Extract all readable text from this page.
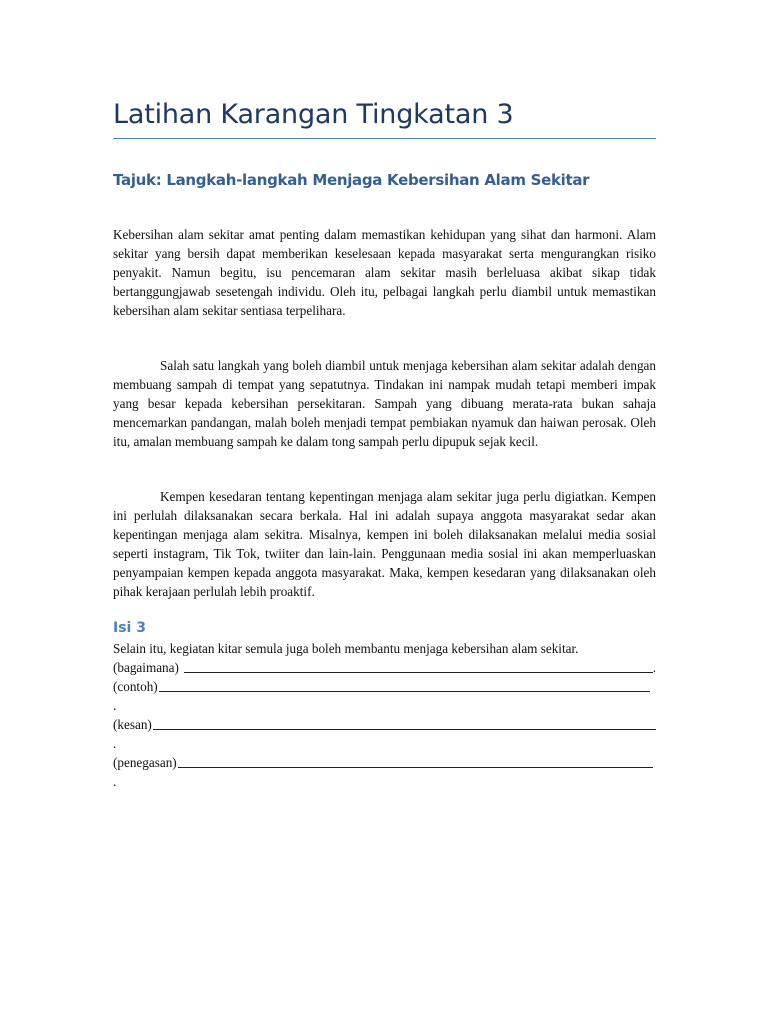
Latihan Karangan Tingkatan 3
Tajuk: Langkah-langkah Menjaga Kebersihan Alam Sekitar

Kebersihan alam sekitar amat penting dalam memastikan kehidupan yang sihat dan harmoni. Alam sekitar yang bersih dapat memberikan keselesaan kepada masyarakat serta mengurangkan risiko penyakit. Namun begitu, isu pencemaran alam sekitar masih berleluasa akibat sikap tidak bertanggungjawab sesetengah individu. Oleh itu, pelbagai langkah perlu diambil untuk memastikan kebersihan alam sekitar sentiasa terpelihara.

Salah satu langkah yang boleh diambil untuk menjaga kebersihan alam sekitar adalah dengan membuang sampah di tempat yang sepatutnya. Tindakan ini nampak mudah tetapi memberi impak yang besar kepada kebersihan persekitaran. Sampah yang dibuang merata-rata bukan sahaja mencemarkan pandangan, malah boleh menjadi tempat pembiakan nyamuk dan haiwan perosak. Oleh itu, amalan membuang sampah ke dalam tong sampah perlu dipupuk sejak kecil.

Kempen kesedaran tentang kepentingan menjaga alam sekitar juga perlu digiatkan. Kempen ini perlulah dilaksanakan secara berkala. Hal ini adalah supaya anggota masyarakat sedar akan kepentingan menjaga alam sekitra. Misalnya, kempen ini boleh dilaksanakan melalui media sosial seperti instagram, Tik Tok, twiiter dan lain-lain. Penggunaan media sosial ini akan memperluaskan penyampaian kempen kepada anggota masyarakat. Maka, kempen kesedaran yang dilaksanakan oleh pihak kerajaan perlulah lebih proaktif.

Isi 3

Selain itu, kegiatan kitar semula juga boleh membantu menjaga kebersihan alam sekitar.

(bagaimana)	.
(contoh)
.
(kesan)
.
(penegasan)
.
